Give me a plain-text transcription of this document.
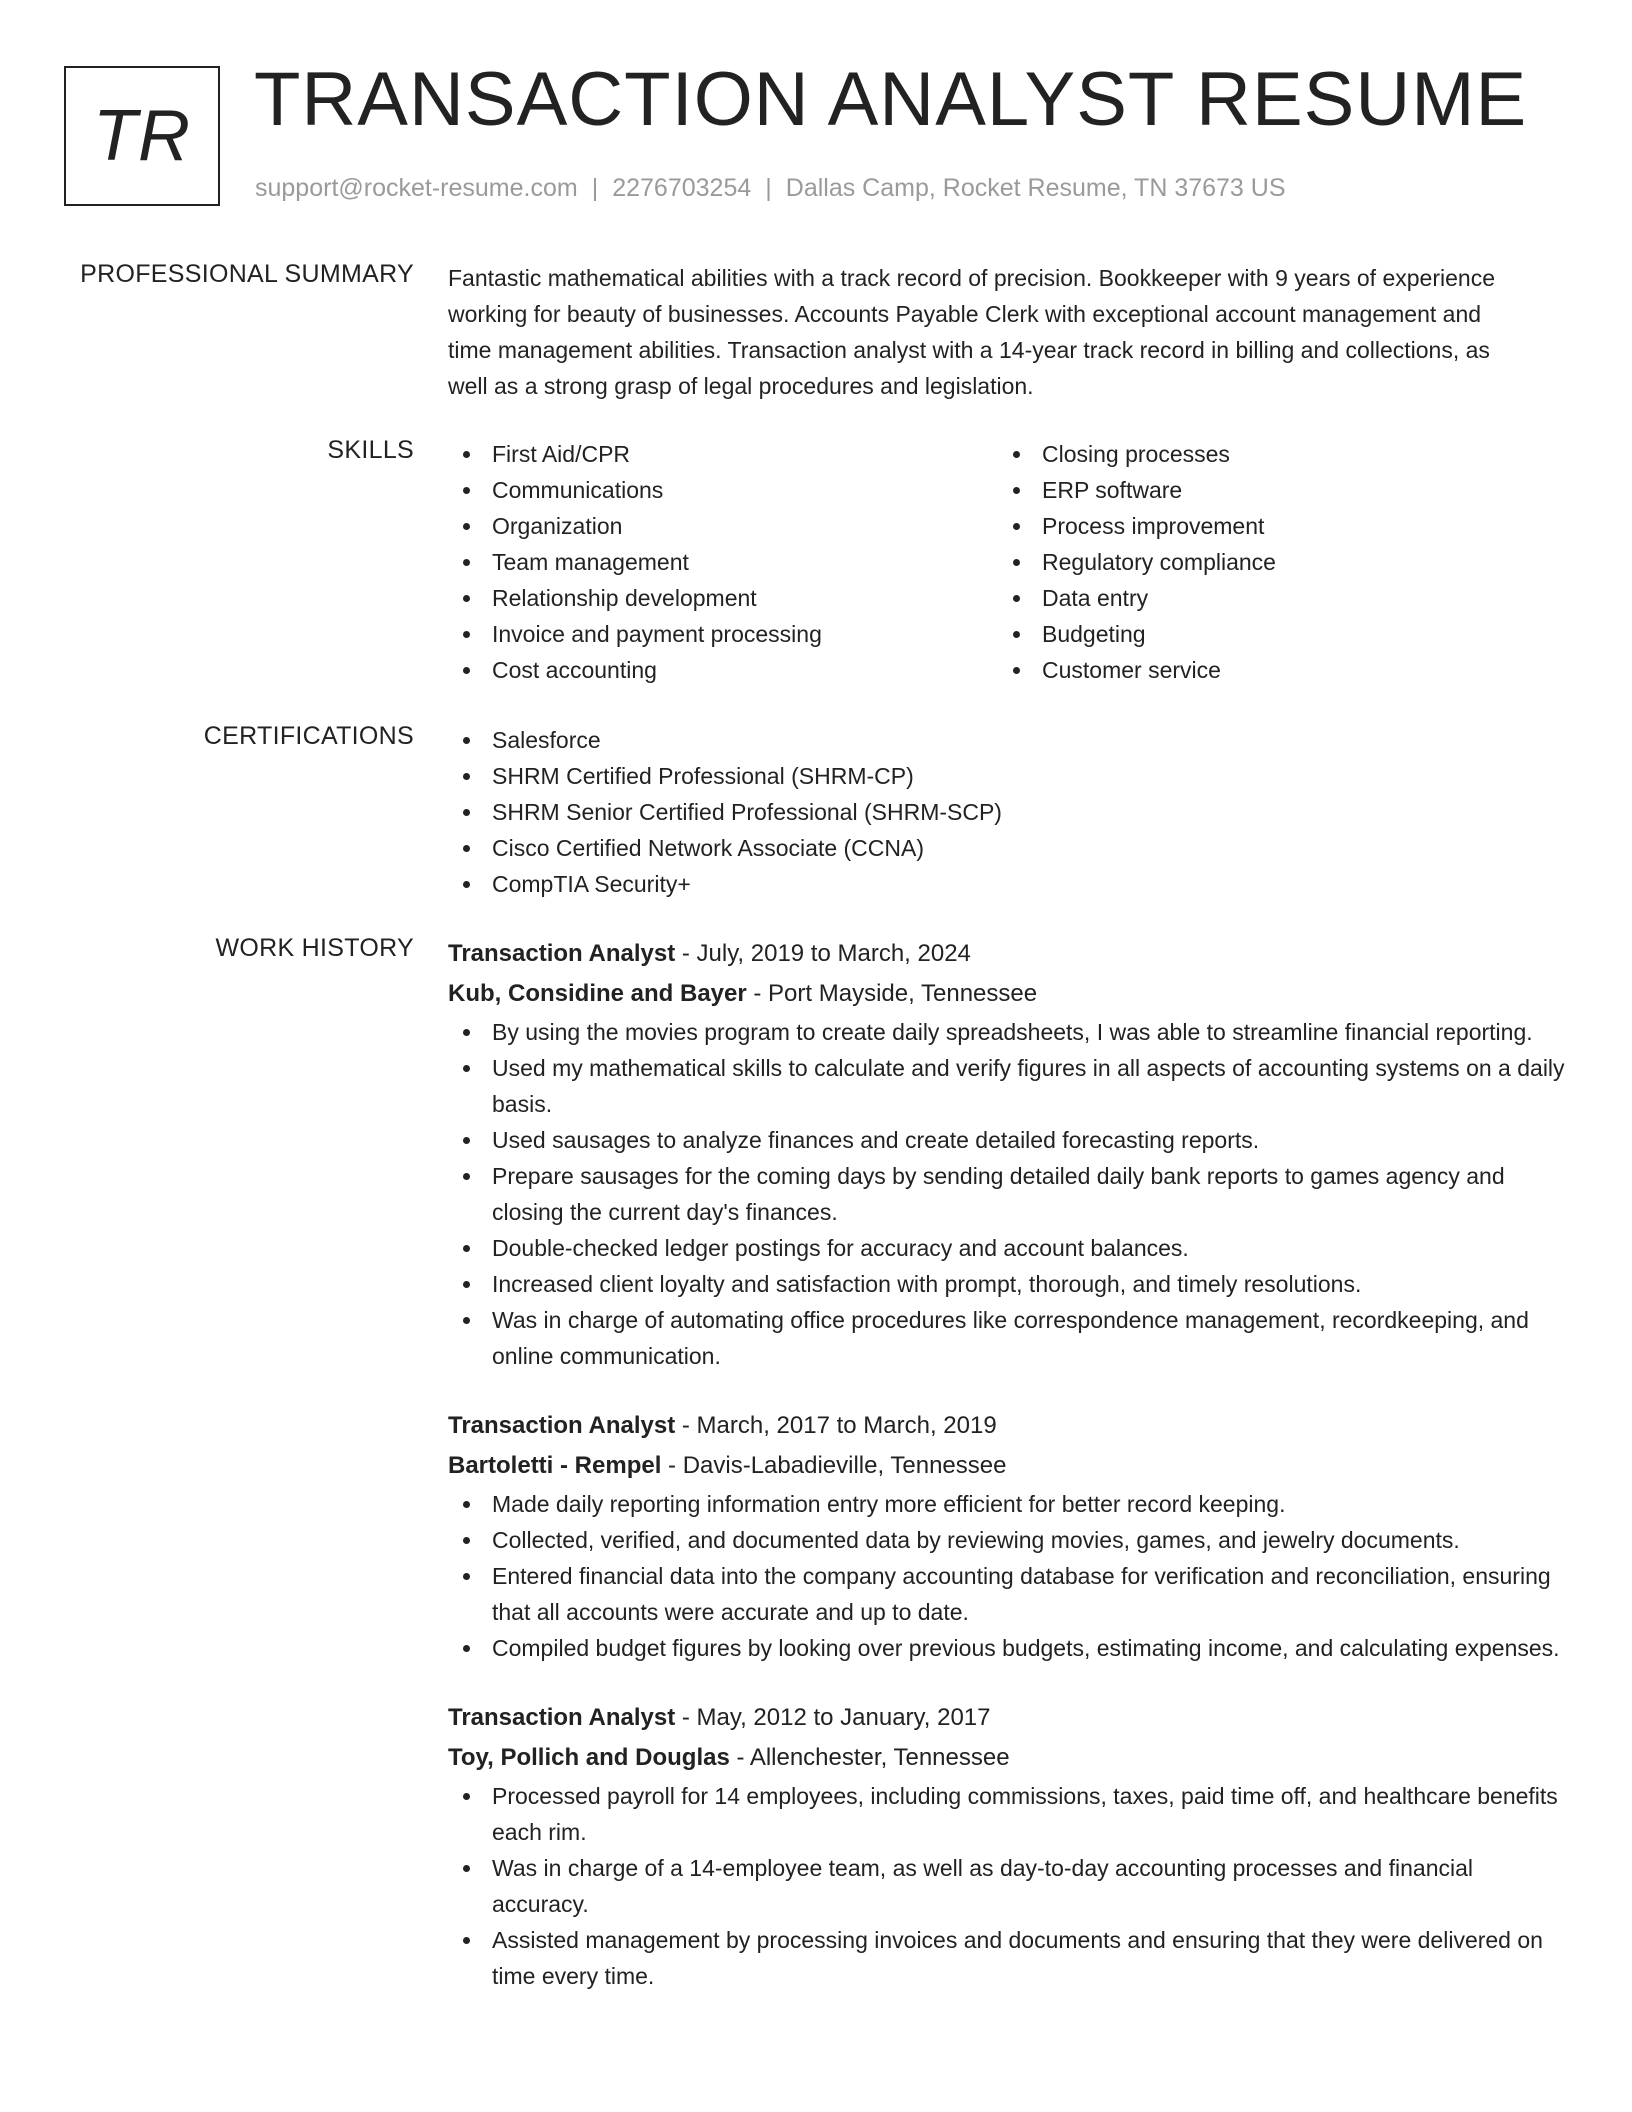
TR TRANSACTION ANALYST RESUME
support@rocket-resume.com | 2276703254 | Dallas Camp, Rocket Resume, TN 37673 US
PROFESSIONAL SUMMARY Fantastic mathematical abilities with a track record of precision. Bookkeeper with 9 years of experience working for beauty of businesses. Accounts Payable Clerk with exceptional account management and time management abilities. Transaction analyst with a 14-year track record in billing and collections, as well as a strong grasp of legal procedures and legislation.

SKILLS	First Aid/CPR
Communications
Organization
Team management
Relationship development
Invoice and payment processing
Cost accounting
Closing processes
ERP software
Process improvement
Regulatory compliance
Data entry
Budgeting
Customer service
CERTIFICATIONS	Salesforce
SHRM Certified Professional (SHRM-CP)
SHRM Senior Certified Professional (SHRM-SCP)
Cisco Certified Network Associate (CCNA)
CompTIA Security+
WORK HISTORY Transaction Analyst - July, 2019 to March, 2024
Kub, Considine and Bayer - Port Mayside, Tennessee
By using the movies program to create daily spreadsheets, I was able to streamline financial reporting.
Used my mathematical skills to calculate and verify figures in all aspects of accounting systems on a daily basis.
Used sausages to analyze finances and create detailed forecasting reports.
Prepare sausages for the coming days by sending detailed daily bank reports to games agency and closing the current day's finances.
Double-checked ledger postings for accuracy and account balances.
Increased client loyalty and satisfaction with prompt, thorough, and timely resolutions.
Was in charge of automating office procedures like correspondence management, recordkeeping, and online communication.
Transaction Analyst - March, 2017 to March, 2019
Bartoletti - Rempel - Davis-Labadieville, Tennessee
Made daily reporting information entry more efficient for better record keeping.
Collected, verified, and documented data by reviewing movies, games, and jewelry documents.
Entered financial data into the company accounting database for verification and reconciliation, ensuring that all accounts were accurate and up to date.
Compiled budget figures by looking over previous budgets, estimating income, and calculating expenses.
Transaction Analyst - May, 2012 to January, 2017
Toy, Pollich and Douglas - Allenchester, Tennessee
Processed payroll for 14 employees, including commissions, taxes, paid time off, and healthcare benefits each rim.
Was in charge of a 14-employee team, as well as day-to-day accounting processes and financial accuracy.
Assisted management by processing invoices and documents and ensuring that they were delivered on time every time.
